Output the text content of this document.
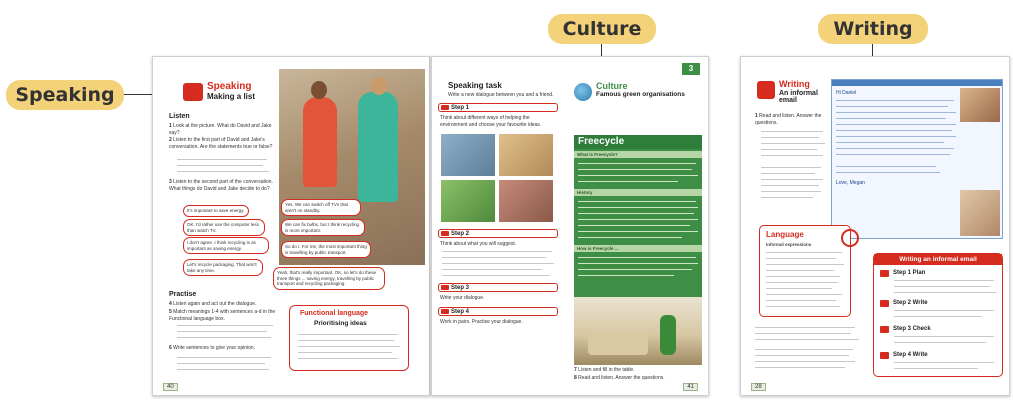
Speaking
Culture	Writing
Speaking
Making a list
Listen
1 Look at the picture. What do David and Jake say?
2 Listen to the first part of David and Jake's conversation. Are the statements true or false?
3 Listen to the second part of the conversation. What things do David and Jake decide to do?
It's important to save energy.
Yes. We can switch off TVs that aren't on standby.
OK. I'd rather use the computer less than watch TV.
We can fix bulbs, but I think recycling is more important.
I don't agree. I think recycling is as important as saving energy.	So do I. For me, the most important thing is travelling by public transport.
Let's recycle packaging. That won't take any time.	Yeah, that's really important. OK, so let's do these three things ... saving energy, travelling by public transport and recycling packaging.
Practise
4 Listen again and act out the dialogue.
5 Match meanings 1-4 with sentences a-d in the Functional language box.
6 Write sentences to give your opinion.
Functional language
Prioritising ideas
40
Speaking task
Write a new dialogue between you and a friend.
Step 1
Think about different ways of helping the environment and choose your favourite ideas.
Step 2
Think about what you will suggest.
Step 3
Write your dialogue.
Step 4
Work in pairs. Practise your dialogue.
3
Culture
Famous green organisations
Freecycle
What is Freecycle?
History
How is Freecycle ...
7 Listen and fill in the table.
8 Read and listen. Answer the questions.
41
Writing
An informal email
1 Read and listen. Answer the questions.
Hi Daniel
Love, Megan
Language
Informal expressions
Writing an informal email
Step 1 Plan
Step 2 Write
Step 3 Check
Step 4 Write
28
